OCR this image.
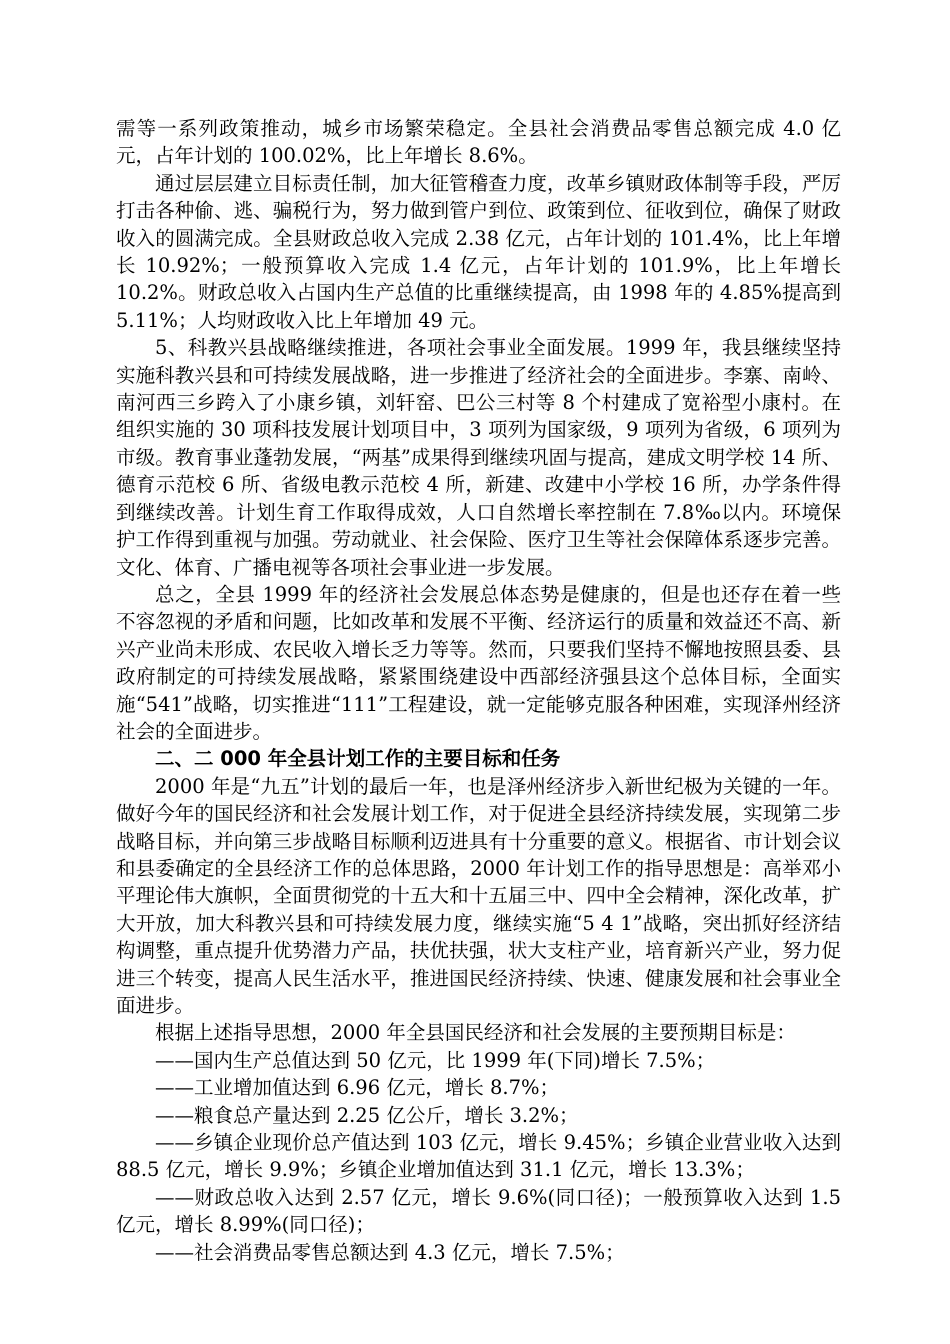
需等一系列政策推动，城乡市场繁荣稳定。全县社会消费品零售总额完成 4.0 亿元，占年计划的 100.02%，比上年增长 8.6%。

通过层层建立目标责任制，加大征管稽查力度，改革乡镇财政体制等手段，严厉打击各种偷、逃、骗税行为，努力做到管户到位、政策到位、征收到位，确保了财政收入的圆满完成。全县财政总收入完成 2.38 亿元，占年计划的 101.4%，比上年增长 10.92%；一般预算收入完成 1.4 亿元，占年计划的 101.9%，比上年增长 10.2%。财政总收入占国内生产总值的比重继续提高，由 1998 年的 4.85%提高到 5.11%；人均财政收入比上年增加 49 元。

5、科教兴县战略继续推进，各项社会事业全面发展。1999 年，我县继续坚持实施科教兴县和可持续发展战略，进一步推进了经济社会的全面进步。李寨、南岭、南河西三乡跨入了小康乡镇，刘轩窑、巴公三村等 8 个村建成了宽裕型小康村。在组织实施的 30 项科技发展计划项目中，3 项列为国家级，9 项列为省级，6 项列为市级。教育事业蓬勃发展，“两基”成果得到继续巩固与提高，建成文明学校 14 所、德育示范校 6 所、省级电教示范校 4 所，新建、改建中小学校 16 所，办学条件得到继续改善。计划生育工作取得成效，人口自然增长率控制在 7.8‰以内。环境保护工作得到重视与加强。劳动就业、社会保险、医疗卫生等社会保障体系逐步完善。文化、体育、广播电视等各项社会事业进一步发展。

总之，全县 1999 年的经济社会发展总体态势是健康的，但是也还存在着一些不容忽视的矛盾和问题，比如改革和发展不平衡、经济运行的质量和效益还不高、新兴产业尚未形成、农民收入增长乏力等等。然而，只要我们坚持不懈地按照县委、县政府制定的可持续发展战略，紧紧围绕建设中西部经济强县这个总体目标，全面实施“541”战略，切实推进“111”工程建设，就一定能够克服各种困难，实现泽州经济社会的全面进步。

二、二 000 年全县计划工作的主要目标和任务

2000 年是“九五”计划的最后一年，也是泽州经济步入新世纪极为关键的一年。做好今年的国民经济和社会发展计划工作，对于促进全县经济持续发展，实现第二步战略目标，并向第三步战略目标顺利迈进具有十分重要的意义。根据省、市计划会议和县委确定的全县经济工作的总体思路，2000 年计划工作的指导思想是：高举邓小平理论伟大旗帜，全面贯彻党的十五大和十五届三中、四中全会精神，深化改革，扩大开放，加大科教兴县和可持续发展力度，继续实施“5 4 1”战略，突出抓好经济结构调整，重点提升优势潜力产品，扶优扶强，状大支柱产业，培育新兴产业，努力促进三个转变，提高人民生活水平，推进国民经济持续、快速、健康发展和社会事业全面进步。

根据上述指导思想，2000 年全县国民经济和社会发展的主要预期目标是：

——国内生产总值达到 50 亿元，比 1999 年(下同)增长 7.5%；

——工业增加值达到 6.96 亿元，增长 8.7%；

——粮食总产量达到 2.25 亿公斤，增长 3.2%；

——乡镇企业现价总产值达到 103 亿元，增长 9.45%；乡镇企业营业收入达到 88.5 亿元，增长 9.9%；乡镇企业增加值达到 31.1 亿元，增长 13.3%；

——财政总收入达到 2.57 亿元，增长 9.6%(同口径)；一般预算收入达到 1.5 亿元，增长 8.99%(同口径)；

——社会消费品零售总额达到 4.3 亿元，增长 7.5%；
